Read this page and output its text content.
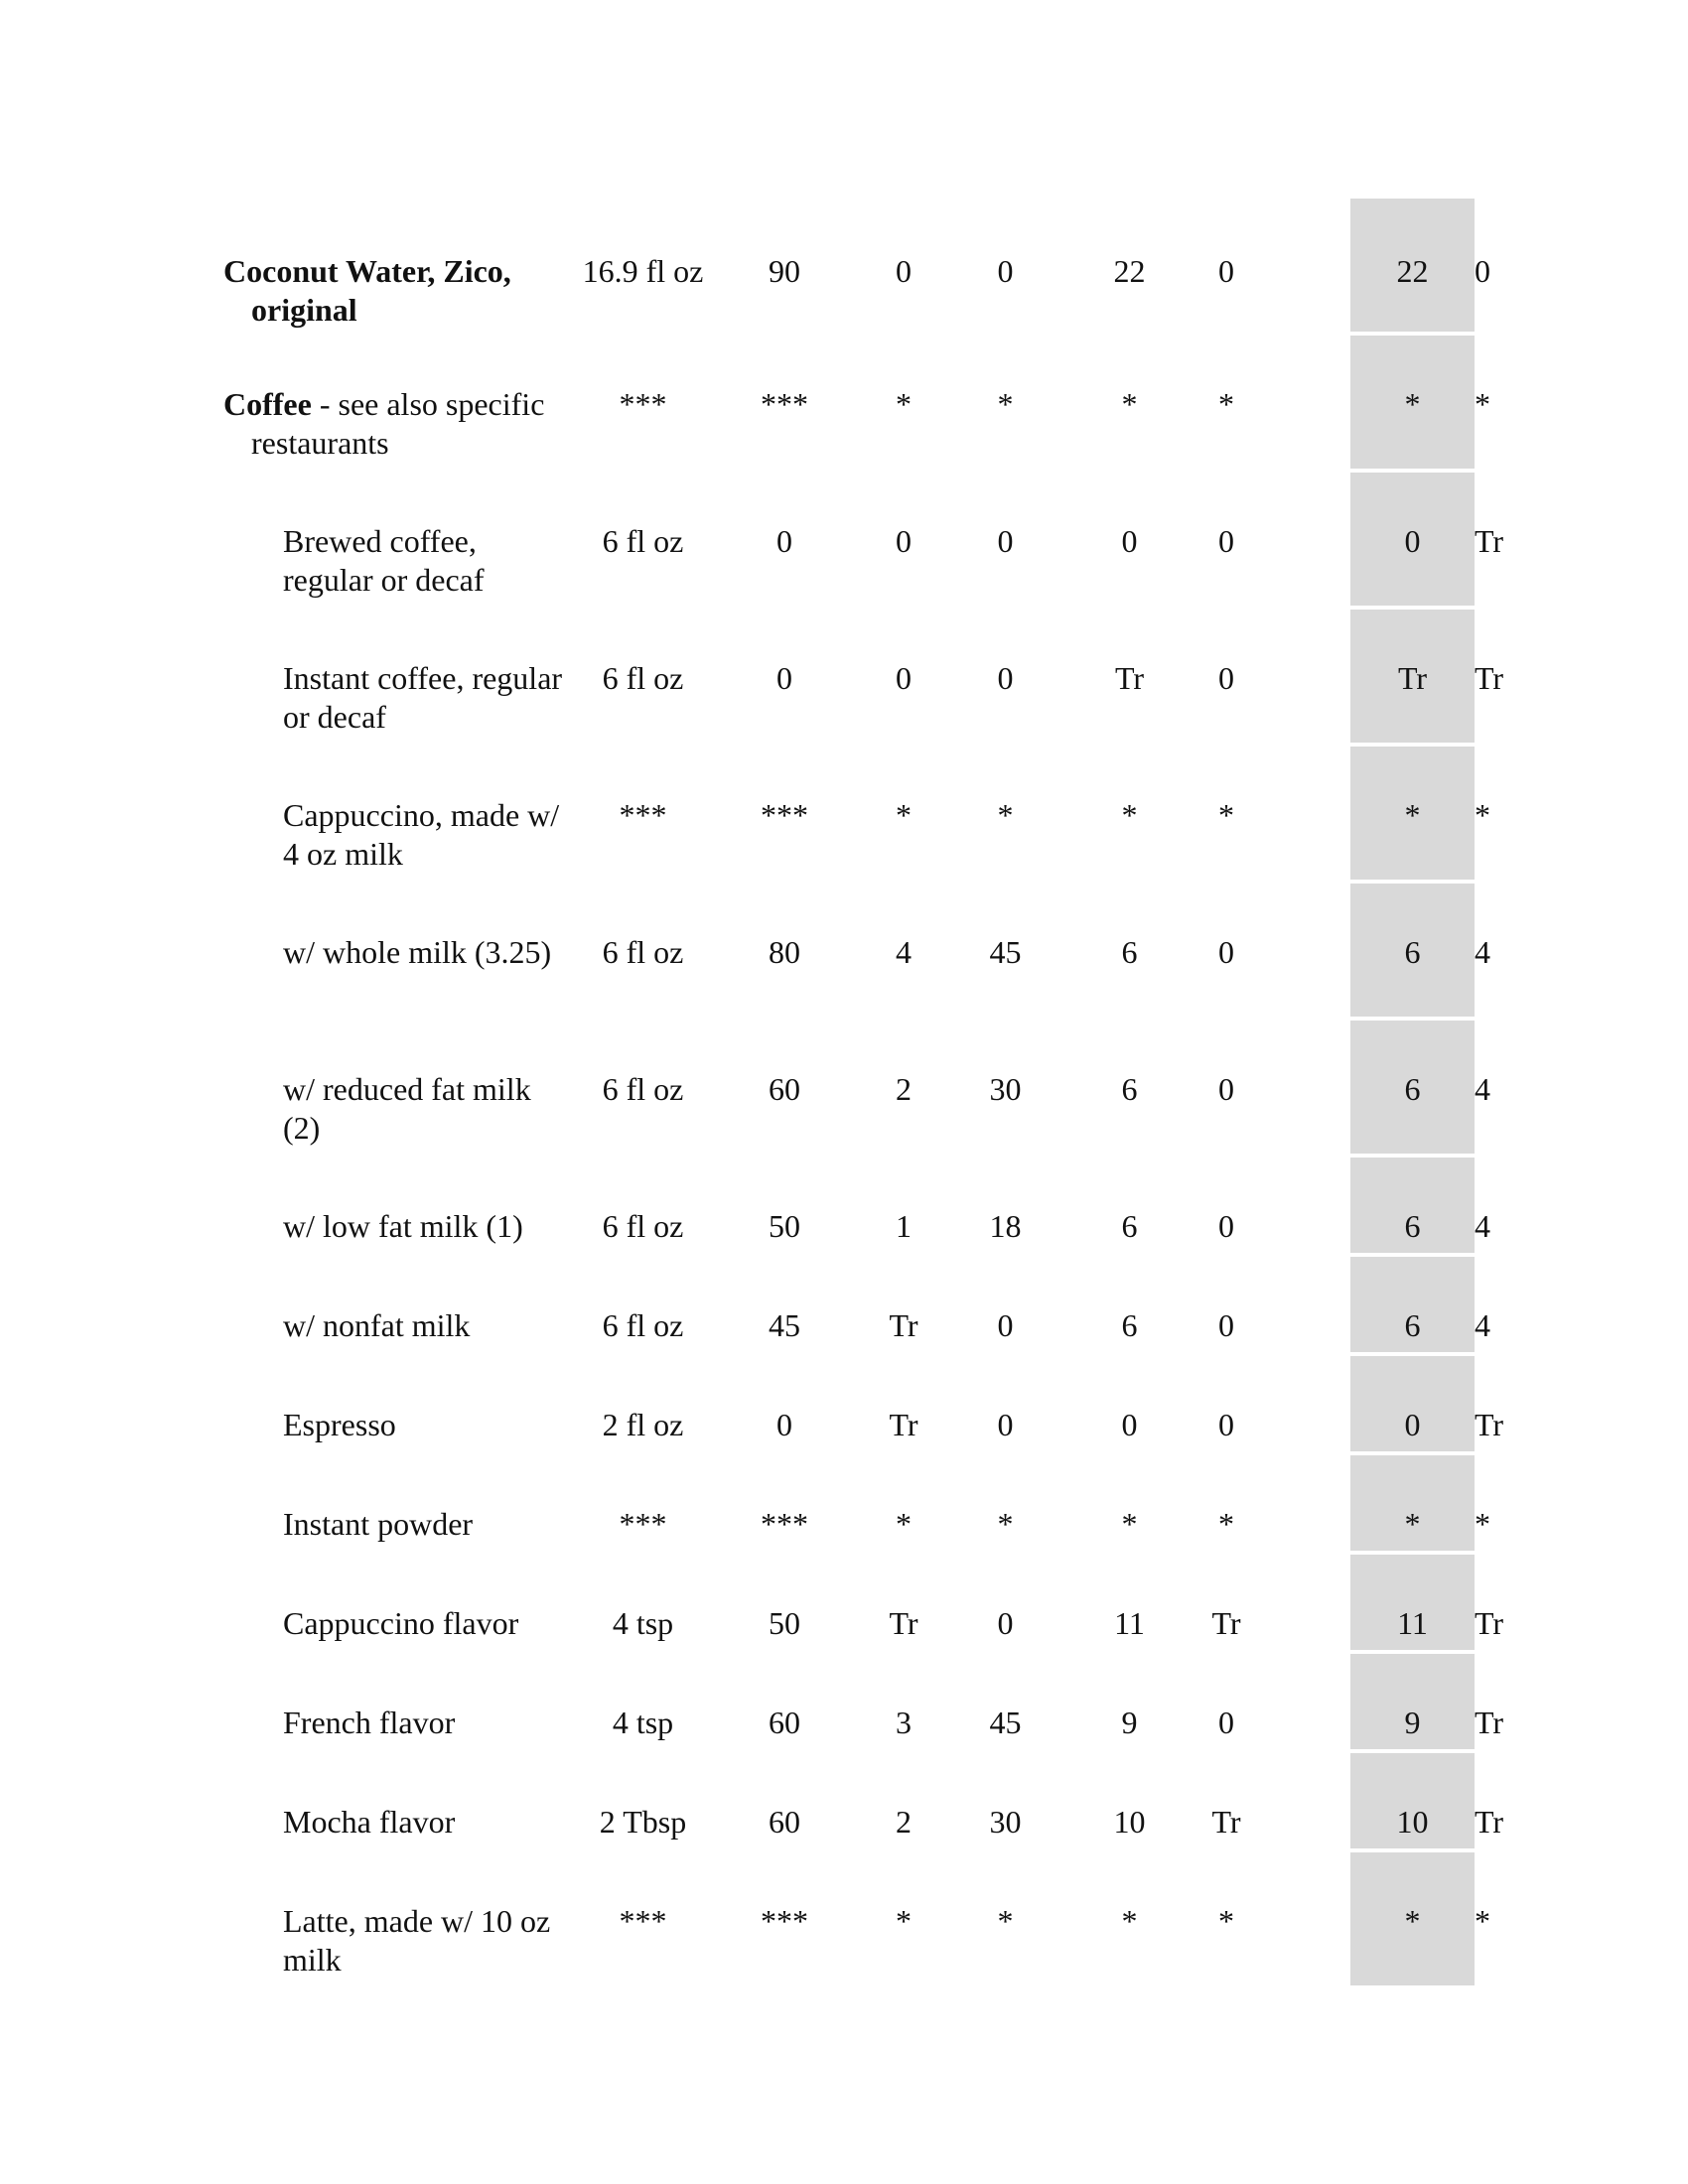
Coconut Water, Zico, original	16.9 fl oz	90	0	0	22	0		22	0

Coffee - see also specific restaurants	***	***	*	*	*	*		*	*

Brewed coffee, regular or decaf	6 fl oz	0	0	0	0	0		0	Tr

Instant coffee, regular or decaf	6 fl oz	0	0	0	Tr	0		Tr	Tr

Cappuccino, made w/ 4 oz milk	***	***	*	*	*	*		*	*

w/ whole milk (3.25)	6 fl oz	80	4	45	6	0		6	4

w/ reduced fat milk (2)	6 fl oz	60	2	30	6	0		6	4

w/ low fat milk (1)	6 fl oz	50	1	18	6	0		6	4

w/ nonfat milk	6 fl oz	45	Tr	0	6	0		6	4

Espresso	2 fl oz	0	Tr	0	0	0		0	Tr

Instant powder	***	***	*	*	*	*		*	*

Cappuccino flavor	4 tsp	50	Tr	0	11	Tr		11	Tr

French flavor	4 tsp	60	3	45	9	0		9	Tr

Mocha flavor	2 Tbsp	60	2	30	10	Tr		10	Tr

Latte, made w/ 10 oz milk	***	***	*	*	*	*		*	*
